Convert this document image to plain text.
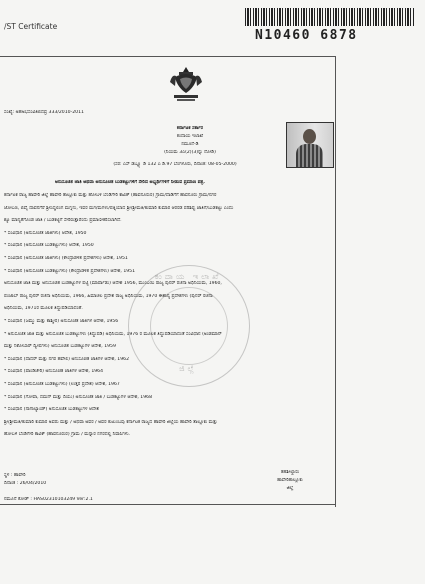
/ST Certificate
N10460 6878
ಸಂಖ್ಯೆ: ಅಹಅಭಸಂವಿತಿಬಿದವ್ರ 333/2010-2011
ಕರ್ನಾಟಕ ಸರ್ಕಾರ
ಕಂದಾಯ ಇಲಾಖೆ
ನಮೂನೆ-ಡಿ
(ನಿಯಮ 3ಎ(2)(3)ನ್ನು ನೋಡಿ)
(ಸರ: ಎಸ್ ಡಬ್ಲ್ಯೂ ಡಿ 132 ಎ ಡಿ.97 ಬೆಂಗಳೂರು, ದಿನಾಂಕ: 08-05-2000)
ಅನುಸೂಚಿತ ಜಾತಿ ಅಥವಾ ಅನುಸೂಚಿತ ಬುಡಕಟ್ಟುಗಳಿಗೆ ಸೇರಿದ ಅಭ್ಯರ್ಥಿಗಳಿಗೆ ನೀಡುವ ಪ್ರಮಾಣ ಪತ್ರ.
ಕರ್ನಾಟಕ ರಾಜ್ಯ ಹಾವೇರಿ ಜಿಲ್ಲೆ ಹಾವೇರಿ ತಾಲ್ಲೂಕು ಮತ್ತು ಹೋಬಳಿ ಬೆಂಡಿಗೇರಿ ಕಾವಿಕ್ (ಹಾವನೂರುರ) ಗ್ರಾಮ/ದಾಡಿಗೆಗೆ ಹಾವನೂರು ಗ್ರಾಮ/ನಗರ
ಜೋಬಣ, ಬಿವೈ ದಾವನಗೆರೆ ಶ್ರೀಸಿದ್ದಲಿಂಗ ಮಗ್ನನು, ಇವರ ಮಗ/ಮಗಳು/ಪತ್ನಿಯಾದ ಶ್ರೀ/ಶ್ರೀಮತಿ/ಕುಮಾರಿ ಕುಮಾರ ಆರರಡ ಪರಿಶಿಷ್ಟ ಜಾತಿಗೆ/ಬುಡಕಟ್ಟು ಎಂದು
ಶ್ಯೂ ಮಾನ್ಯತೆಗೊಂಡ ಜಾತಿ / ಬುಡಕಟ್ಟಿಗೆ ಸೇರಿರುತ್ತಾರೆಂದು ಪ್ರಮಾಣೀಕರಿಸಲಾಗಿದೆ.
* ಸಂವಿಧಾನ (ಅನುಸೂಚಿತ ಜಾತಿಗಳು) ಆದೇಶ, 1950
* ಸಂವಿಧಾನ (ಅನುಸೂಚಿತ ಬುಡಕಟ್ಟುಗಳು) ಆದೇಶ, 1950
* ಸಂವಿಧಾನ (ಅನುಸೂಚಿತ ಜಾತಿಗಳು) (ಕೇಂದ್ರಾಡಳಿತ ಪ್ರದೇಶಗಳು) ಆದೇಶ, 1951
* ಸಂವಿಧಾನ (ಅನುಸೂಚಿತ ಬುಡಕಟ್ಟುಗಳು) (ಕೇಂದ್ರಾಡಳಿತ ಪ್ರದೇಶಗಳು) ಆದೇಶ, 1951
ಅನುಸೂಚಿತ ಜಾತಿ ಮತ್ತು ಅನುಸೂಚಿತ ಬುಡಕಟ್ಟುಗಳ ಪಟ್ಟಿ (ಮಾರ್ಪಾಡು) ಆದೇಶ 1956, ಮುಂಬಯಿ ರಾಜ್ಯ ಪುನರ್ ರಚನಾ ಅಧಿನಿಯಮ, 1960,
ಪಂಜಾಬ್ ರಾಜ್ಯ ಪುನರ್ ರಚನಾ ಅಧಿನಿಯಮ, 1966, ಹಿಮಾಚಲ ಪ್ರದೇಶ ರಾಜ್ಯ ಅಧಿನಿಯಮ, 1970 ಈಶಾನ್ಯ ಪ್ರದೇಶಗಳು (ಪುನರ್ ರಚನಾ
ಅಧಿನಿಯಮ, 1971ರ ಮೂಲಕ ತಿದ್ದುಪಡಿಯಾದಂತೆ.
* ಸಂವಿಧಾನ (ಜಮ್ಮು ಮತ್ತು ಕಾಶ್ಮೀರ) ಅನುಸೂಚಿತ ಜಾತಿಗಳ ಆದೇಶ, 1956
* ಅನುಸೂಚಿತ ಜಾತಿ ಮತ್ತು ಅನುಸೂಚಿತ ಬುಡಕಟ್ಟುಗಳು (ತಿದ್ದುಪಡಿ) ಅಧಿನಿಯಮ, 1976 ರ ಮೂಲಕ ತಿದ್ದುಪಡಿಯಾದಂತೆ ಸಂವಿಧಾನ (ಅಂಡಮಾನ್
ಮತ್ತು ನಿಕೋಬಾರ್ ದ್ವೀಪಗಳು) ಅನುಸೂಚಿತ ಬುಡಕಟ್ಟುಗಳ ಆದೇಶ, 1959
* ಸಂವಿಧಾನ (ದಾದರ್ ಮತ್ತು ನಗರ ಹವೇಲಿ) ಅನುಸೂಚಿತ ಜಾತಿಗಳ ಆದೇಶ, 1962
* ಸಂವಿಧಾನ (ಪಾಂಡಿಚೇರಿ) ಅನುಸೂಚಿತ ಜಾತಿಗಳ ಆದೇಶ, 1964
* ಸಂವಿಧಾನ (ಅನುಸೂಚಿತ ಬುಡಕಟ್ಟುಗಳು) (ಉತ್ತರ ಪ್ರದೇಶ) ಆದೇಶ, 1967
* ಸಂವಿಧಾನ (ಗೋವಾ, ದಮನ್ ಮತ್ತು ದಿಯು) ಅನುಸೂಚಿತ ಜಾತಿ / ಬುಡಕಟ್ಟುಗಳ ಆದೇಶ, 1968
* ಸಂವಿಧಾನ (ನಾಗಾಲ್ಯಾಂಡ್) ಅನುಸೂಚಿತ ಬುಡಕಟ್ಟುಗಳ ಆದೇಶ
ಶ್ರೀ/ಶ್ರೀಮತಿ/ಕುಮಾರಿ ಕುಮಾರ ಅವರು ಮತ್ತು / ಅಥವಾ ಅವರ / ಅವರ ಕುಟುಂಬವು ಕರ್ನಾಟಕ ರಾಜ್ಯದ ಹಾವೇರಿ ಜಿಲ್ಲೆಯ ಹಾವೇರಿ ತಾಲ್ಲೂಕು ಮತ್ತು
ಹೋಬಳಿ ಬೆಂಡಿಗೇರಿ ಕಾವಿಕ್ (ಹಾವನೂರುರ) ಗ್ರಾಮ / ಮನ್ನಾರ ನಗರದಲ್ಲಿ ನಿವಾಸಿಗಳು.
ಕಂದಾಯ ಇಲಾಖೆ
ಜಿಲ್ಲೆ
ಸ್ಥಳ : ಹಾವೇರಿ
ದಿನಾಂಕ : 26/04/2010
ತಹಶೀಲ್ದಾರು
ಹಾವೇರಿತಾಲ್ಲೂಕು
ಜಿಲ್ಲೆ
ನಮೂನೆ ಕೋಡ್ : HAS02310103249 Ver:2.1
